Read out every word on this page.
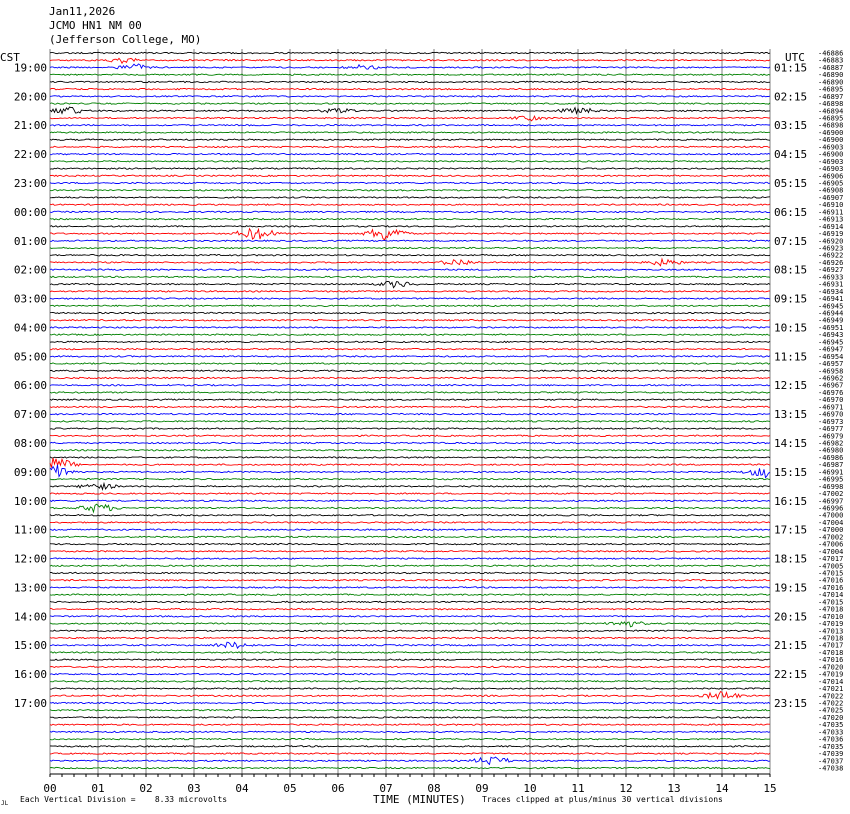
Jan11,2026
JCMO HN1 NM 00
(Jefferson College, MO)
00	01	02	03	04	05	06	07	08	09	10	11	12	13	14	15
19:00
20:00
21:00
22:00
23:00
00:00
01:00
02:00
03:00
04:00
05:00
06:00
07:00
08:00
09:00
10:00
11:00
12:00
13:00
14:00
15:00
16:00
17:00
01:15
02:15
03:15
04:15
05:15
06:15
07:15
08:15
09:15
10:15
11:15
12:15
13:15
14:15
15:15
16:15
17:15
18:15
19:15
20:15
21:15
22:15
23:15
-46886
-46883
-46887
-46890
-46890
-46895
-46897
-46898
-46894
-46895
-46898
-46900
-46900
-46903
-46900
-46903
-46903
-46906
-46905
-46908
-46907
-46910
-46911
-46913
-46914
-46919
-46920
-46923
-46922
-46926
-46927
-46933
-46931
-46934
-46941
-46945
-46944
-46949
-46951
-46943
-46945
-46947
-46954
-46957
-46958
-46962
-46967
-46976
-46970
-46971
-46970
-46973
-46977
-46979
-46982
-46980
-46986
-46987
-46991
-46995
-46998
-47002
-46997
-46996
-47000
-47004
-47000
-47002
-47006
-47004
-47017
-47005
-47015
-47016
-47016
-47014
-47015
-47018
-47010
-47019
-47013
-47018
-47017
-47018
-47016
-47020
-47019
-47014
-47021
-47022
-47022
-47025
-47020
-47035
-47033
-47036
-47035
-47039
-47037
-47038
CST	UTC
JL Each Vertical Division =    8.33 microvolts	TIME (MINUTES) Traces clipped at plus/minus 30 vertical divisions
